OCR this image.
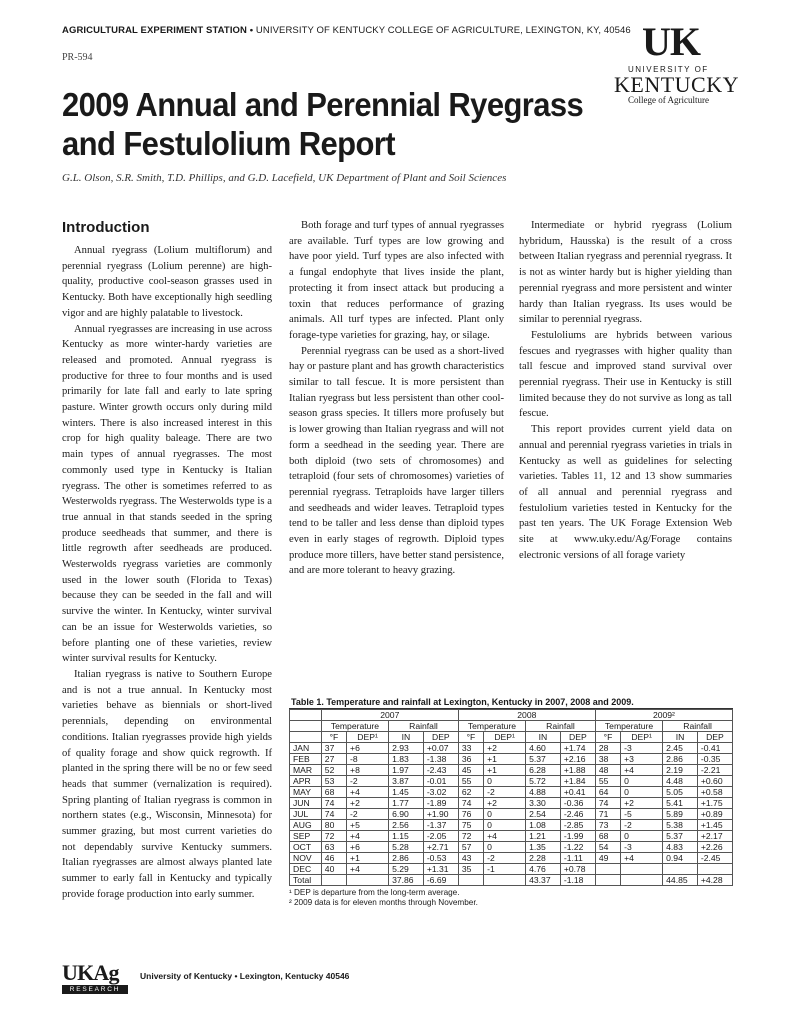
AGRICULTURAL EXPERIMENT STATION • UNIVERSITY OF KENTUCKY COLLEGE OF AGRICULTURE, LEXINGTON, KY, 40546
PR-594	UK
UNIVERSITY OF
KENTUCKY
College of Agriculture
2009 Annual and Perennial Ryegrass and Festulolium Report
G.L. Olson, S.R. Smith, T.D. Phillips, and G.D. Lacefield, UK Department of Plant and Soil Sciences
Introduction

Annual ryegrass (Lolium multiflorum) and perennial ryegrass (Lolium perenne) are high-quality, productive cool-season grasses used in Kentucky. Both have exceptionally high seedling vigor and are highly palatable to livestock.

Annual ryegrasses are increasing in use across Kentucky as more winter-hardy varieties are released and promoted. Annual ryegrass is productive for three to four months and is used primarily for late fall and early to late spring pasture. Winter growth occurs only during mild winters. There is also increased interest in this crop for high quality baleage. There are two main types of annual ryegrasses. The most commonly used type in Kentucky is Italian ryegrass. The other is sometimes referred to as Westerwolds ryegrass. The Westerwolds type is a true annual in that stands seeded in the spring produce seedheads that summer, and there is little regrowth after seedheads are produced. Westerwolds ryegrass varieties are commonly used in the lower south (Florida to Texas) because they can be seeded in the fall and will survive the winter. In Kentucky, winter survival can be an issue for Westerwolds varieties, so before planting one of these varieties, review winter survival results for Kentucky.

Italian ryegrass is native to Southern Europe and is not a true annual. In Kentucky most varieties behave as biennials or short-lived perennials, depending on environmental conditions. Italian ryegrasses provide high yields of quality forage and show quick regrowth. If planted in the spring there will be no or few seed heads that summer (vernalization is required). Spring planting of Italian ryegrass is common in northern states (e.g., Wisconsin, Minnesota) for summer grazing, but most current varieties do not dependably survive Kentucky summers. Italian ryegrasses are almost always planted late summer to early fall in Kentucky and typically provide forage production into early summer.

Both forage and turf types of annual ryegrasses are available. Turf types are low growing and have poor yield. Turf types are also infected with a fungal endophyte that lives inside the plant, protecting it from insect attack but producing a toxin that reduces performance of grazing animals. All turf types are infected. Plant only forage-type varieties for grazing, hay, or silage.

Perennial ryegrass can be used as a short-lived hay or pasture plant and has growth characteristics similar to tall fescue. It is more persistent than Italian ryegrass but less persistent than other cool-season grass species. It tillers more profusely but is lower growing than Italian ryegrass and will not form a seedhead in the seeding year. There are both diploid (two sets of chromosomes) and tetraploid (four sets of chromosomes) varieties of perennial ryegrass. Tetraploids have larger tillers and seedheads and wider leaves. Tetraploid types tend to be taller and less dense than diploid types even in early stages of regrowth. Diploid types produce more tillers, have better stand persistence, and are more tolerant to heavy grazing.

Intermediate or hybrid ryegrass (Lolium hybridum, Hausska) is the result of a cross between Italian ryegrass and perennial ryegrass. It is not as winter hardy but is higher yielding than perennial ryegrass and more persistent and winter hardy than Italian ryegrass. Its uses would be similar to perennial ryegrass.

Festuloliums are hybrids between various fescues and ryegrasses with higher quality than tall fescue and improved stand survival over perennial ryegrass. Their use in Kentucky is still limited because they do not survive as long as tall fescue.

This report provides current yield data on annual and perennial ryegrass varieties in trials in Kentucky as well as guidelines for selecting varieties. Tables 11, 12 and 13 show summaries of all annual and perennial ryegrass and festulolium varieties tested in Kentucky for the past ten years. The UK Forage Extension Web site at www.uky.edu/Ag/Forage contains electronic versions of all forage variety

Table 1. Temperature and rainfall at Lexington, Kentucky in 2007, 2008 and 2009.
	2007				2008				2009²			
	Temperature		Rainfall		Temperature		Rainfall		Temperature		Rainfall	
	°F	DEP¹	IN	DEP	°F	DEP¹	IN	DEP	°F	DEP¹	IN	DEP
JAN	37	+6	2.93	+0.07	33	+2	4.60	+1.74	28	-3	2.45	-0.41
FEB	27	-8	1.83	-1.38	36	+1	5.37	+2.16	38	+3	2.86	-0.35
MAR	52	+8	1.97	-2.43	45	+1	6.28	+1.88	48	+4	2.19	-2.21
APR	53	-2	3.87	-0.01	55	0	5.72	+1.84	55	0	4.48	+0.60
MAY	68	+4	1.45	-3.02	62	-2	4.88	+0.41	64	0	5.05	+0.58
JUN	74	+2	1.77	-1.89	74	+2	3.30	-0.36	74	+2	5.41	+1.75
JUL	74	-2	6.90	+1.90	76	0	2.54	-2.46	71	-5	5.89	+0.89
AUG	80	+5	2.56	-1.37	75	0	1.08	-2.85	73	-2	5.38	+1.45
SEP	72	+4	1.15	-2.05	72	+4	1.21	-1.99	68	0	5.37	+2.17
OCT	63	+6	5.28	+2.71	57	0	1.35	-1.22	54	-3	4.83	+2.26
NOV	46	+1	2.86	-0.53	43	-2	2.28	-1.11	49	+4	0.94	-2.45
DEC	40	+4	5.29	+1.31	35	-1	4.76	+0.78				
Total			37.86	-6.69			43.37	-1.18			44.85	+4.28
¹ DEP is departure from the long-term average.
² 2009 data is for eleven months through November.
UKAg
RESEARCH
University of Kentucky • Lexington, Kentucky 40546
